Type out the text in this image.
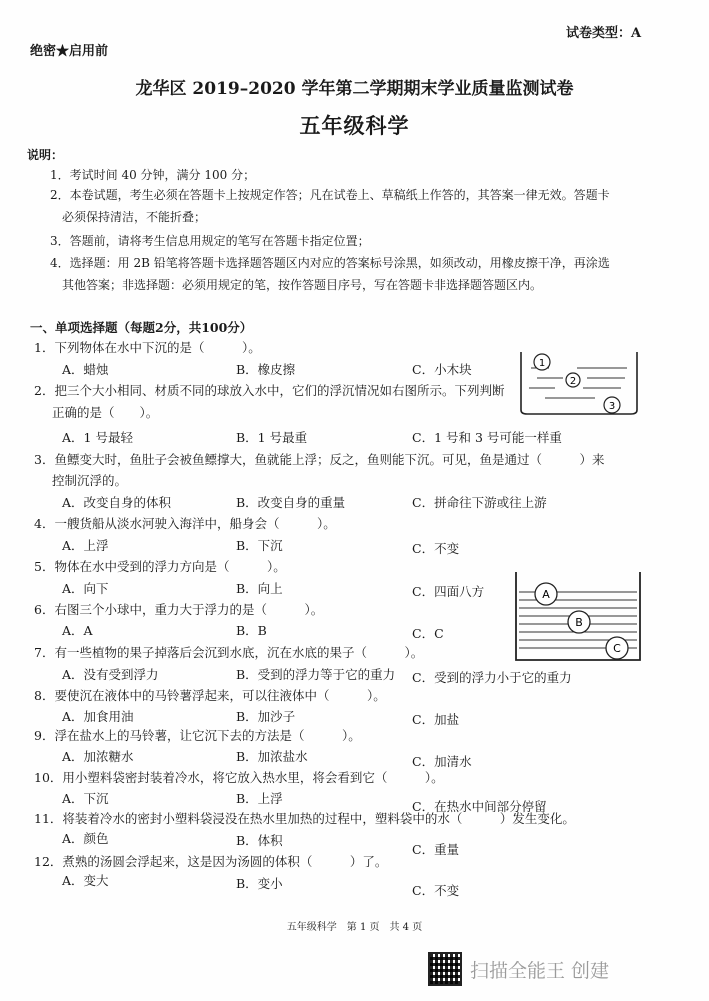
试卷类型：A
绝密★启用前
龙华区 2019–2020 学年第二学期期末学业质量监测试卷
五年级科学
说明：
1．考试时间 40 分钟，满分 100 分；
2．本卷试题，考生必须在答题卡上按规定作答；凡在试卷上、草稿纸上作答的，其答案一律无效。答题卡
必须保持清洁，不能折叠；
3．答题前，请将考生信息用规定的笔写在答题卡指定位置；
4．选择题：用 2B 铅笔将答题卡选择题答题区内对应的答案标号涂黑，如须改动，用橡皮擦干净，再涂选
其他答案；非选择题：必须用规定的笔，按作答题目序号，写在答题卡非选择题答题区内。
一、单项选择题（每题2分，共100分）
1．下列物体在水中下沉的是（　　　）。
A．蜡烛	B．橡皮擦	C．小木块
2．把三个大小相同、材质不同的球放入水中，它们的浮沉情况如右图所示。下列判断
正确的是（　　）。
A．1 号最轻	B．1 号最重	C．1 号和 3 号可能一样重
3．鱼鳔变大时，鱼肚子会被鱼鳔撑大，鱼就能上浮；反之，鱼则能下沉。可见，鱼是通过（　　　）来
控制沉浮的。
A．改变自身的体积	B．改变自身的重量	C．拼命往下游或往上游
4．一艘货船从淡水河驶入海洋中，船身会（　　　）。
A．上浮	B．下沉	C．不变
5．物体在水中受到的浮力方向是（　　　）。
A．向下	B．向上	C．四面八方
6．右图三个小球中，重力大于浮力的是（　　　）。
A．A	B．B	C．C
7．有一些植物的果子掉落后会沉到水底，沉在水底的果子（　　　）。
A．没有受到浮力	B．受到的浮力等于它的重力 C．受到的浮力小于它的重力
8．要使沉在液体中的马铃薯浮起来，可以往液体中（　　　）。
A．加食用油	B．加沙子	C．加盐
9．浮在盐水上的马铃薯，让它沉下去的方法是（　　　）。
A．加浓糖水	B．加浓盐水	C．加清水
10．用小塑料袋密封装着冷水，将它放入热水里，将会看到它（　　　）。
A．下沉	B．上浮
C．在热水中间部分停留
11．将装着冷水的密封小塑料袋浸没在热水里加热的过程中，塑料袋中的水（　　　）发生变化。
A．颜色	B．体积
C．重量
12．煮熟的汤圆会浮起来，这是因为汤圆的体积（　　　）了。
A．变大	B．变小	C．不变
1
2
3
A
B
C
五年级科学　第 1 页　共 4 页
扫描全能王 创建
